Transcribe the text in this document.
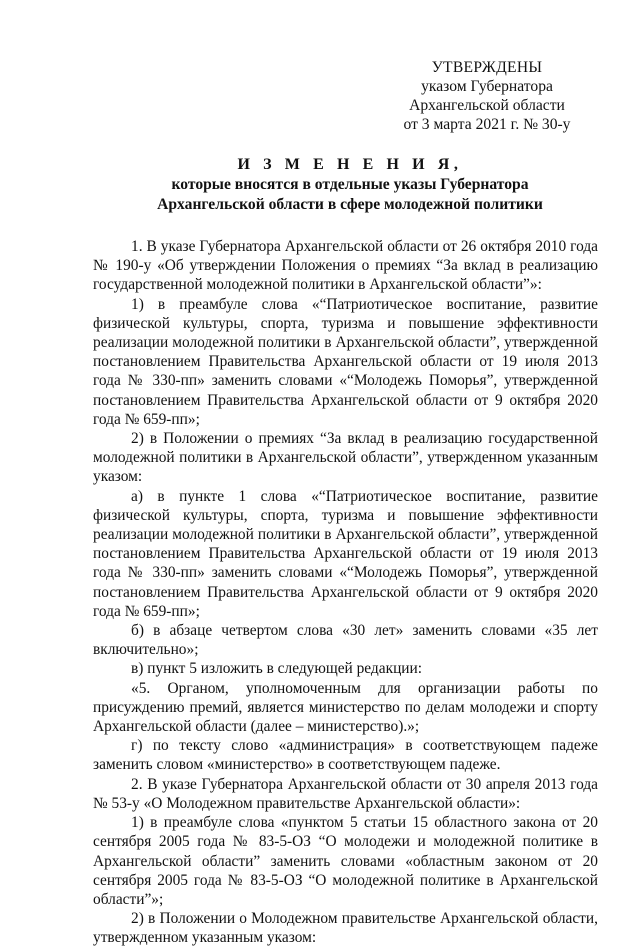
УТВЕРЖДЕНЫ
указом Губернатора
Архангельской области
от 3 марта 2021 г. № 30-у
И З М Е Н Е Н И Я,
которые вносятся в отдельные указы Губернатора
Архангельской области в сфере молодежной политики

1. В указе Губернатора Архангельской области от 26 октября 2010 года № 190-у «Об утверждении Положения о премиях “За вклад в реализацию государственной молодежной политики в Архангельской области”»:

1) в преамбуле слова «“Патриотическое воспитание, развитие физической культуры, спорта, туризма и повышение эффективности реализации молодежной политики в Архангельской области”, утвержденной постановлением Правительства Архангельской области от 19 июля 2013 года № 330-пп» заменить словами «“Молодежь Поморья”, утвержденной постановлением Правительства Архангельской области от 9 октября 2020 года № 659-пп»;

2) в Положении о премиях “За вклад в реализацию государственной молодежной политики в Архангельской области”, утвержденном указанным указом:

а) в пункте 1 слова «“Патриотическое воспитание, развитие физической культуры, спорта, туризма и повышение эффективности реализации молодежной политики в Архангельской области”, утвержденной постановлением Правительства Архангельской области от 19 июля 2013 года № 330-пп» заменить словами «“Молодежь Поморья”, утвержденной постановлением Правительства Архангельской области от 9 октября 2020 года № 659-пп»;

б) в абзаце четвертом слова «30 лет» заменить словами «35 лет включительно»;

в) пункт 5 изложить в следующей редакции:

«5. Органом, уполномоченным для организации работы по присуждению премий, является министерство по делам молодежи и спорту Архангельской области (далее – министерство).»;

г) по тексту слово «администрация» в соответствующем падеже заменить словом «министерство» в соответствующем падеже.

2. В указе Губернатора Архангельской области от 30 апреля 2013 года № 53-у «О Молодежном правительстве Архангельской области»:

1) в преамбуле слова «пунктом 5 статьи 15 областного закона от 20 сентября 2005 года № 83-5-ОЗ “О молодежи и молодежной политике в Архангельской области” заменить словами «областным законом от 20 сентября 2005 года № 83-5-ОЗ “О молодежной политике в Архангельской области”»;

2) в Положении о Молодежном правительстве Архангельской области, утвержденном указанным указом:
